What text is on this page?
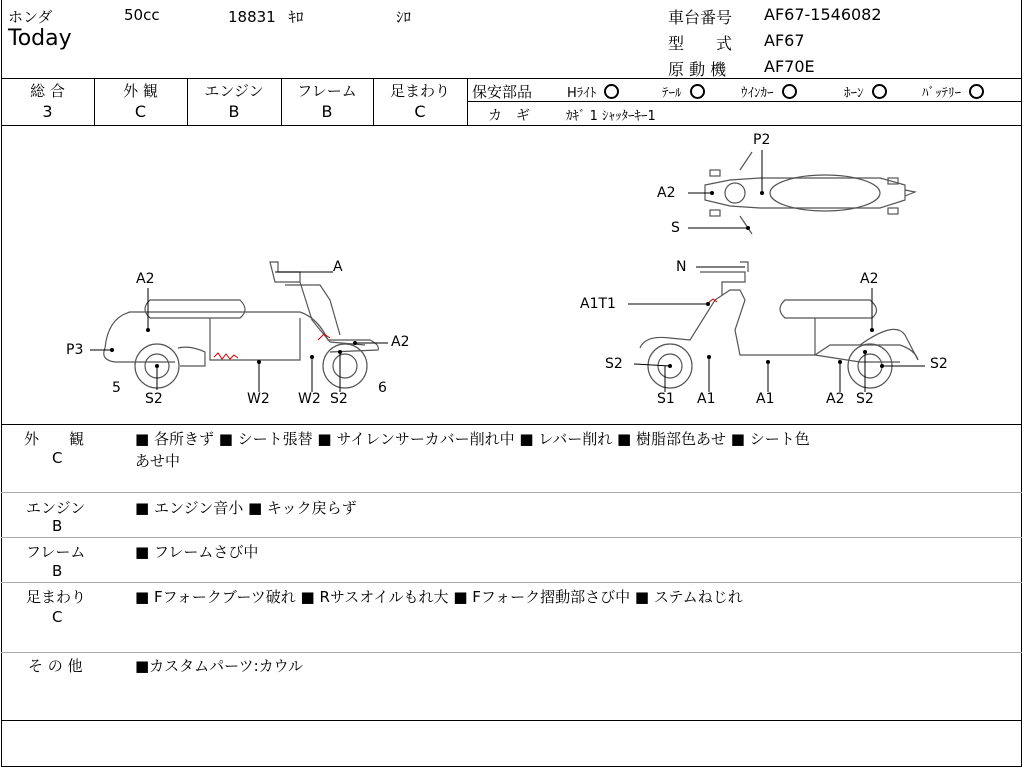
ホンダ	50cc	18831 ｷﾛ	ｼﾛ
Today
車台番号 AF67-1546082
型　　式 AF67
原 動 機 AF70E
総 合
3
外 観
C
エンジン
B
フレーム
B
足まわり
C
保安部品	Hﾗｲﾄ	ﾃｰﾙ	ｳｲﾝｶｰ	ﾎｰﾝ	ﾊﾞｯﾃﾘｰ
カ　ギ	ｶｷﾞ 1 ｼｬｯﾀｰｷｰ1
A
A2
P3	A2
5
S2	W2 W2 S2
6
P2
A2
S
N
A1T1
A2
S2
S1 A1	A1	A2 S2
S2
外　　観
C
■ 各所きず ■ シート張替 ■ サイレンサーカバー削れ中 ■ レバー削れ ■ 樹脂部色あせ ■ シート色
あせ中
エンジン
B
■ エンジン音小 ■ キック戻らず
フレーム
B
■ フレームさび中
足まわり
C
■ Fフォークブーツ破れ ■ Rサスオイルもれ大 ■ Fフォーク摺動部さび中 ■ ステムねじれ
そ の 他	■カスタムパーツ:カウル
